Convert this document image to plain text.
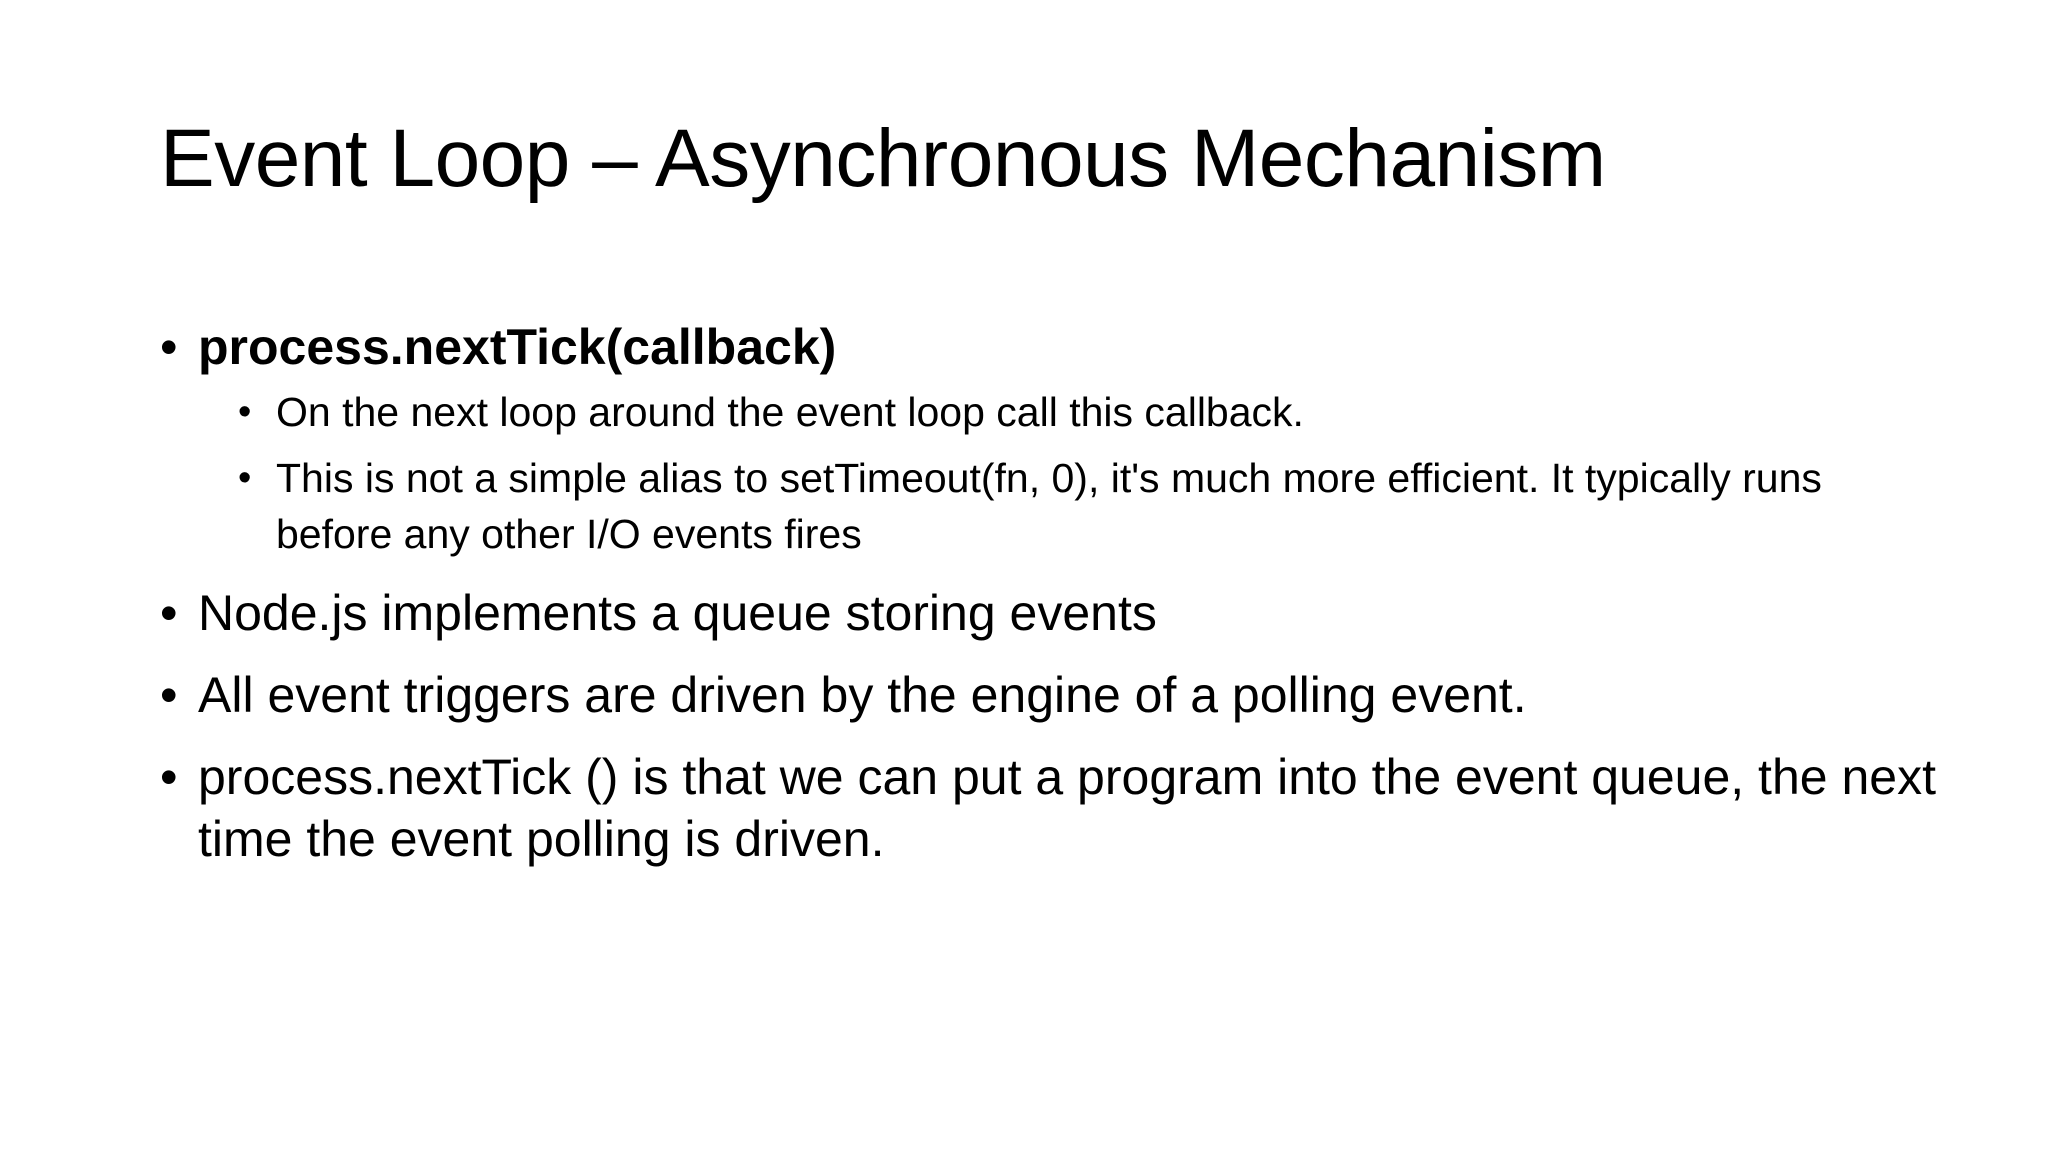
Event Loop – Asynchronous Mechanism
• process.nextTick(callback)
• On the next loop around the event loop call this callback.
• This is not a simple alias to setTimeout(fn, 0), it's much more efficient. It typically runs before any other I/O events fires
• Node.js implements a queue storing events
• All event triggers are driven by the engine of a polling event.
• process.nextTick () is that we can put a program into the event queue, the next time the event polling is driven.
